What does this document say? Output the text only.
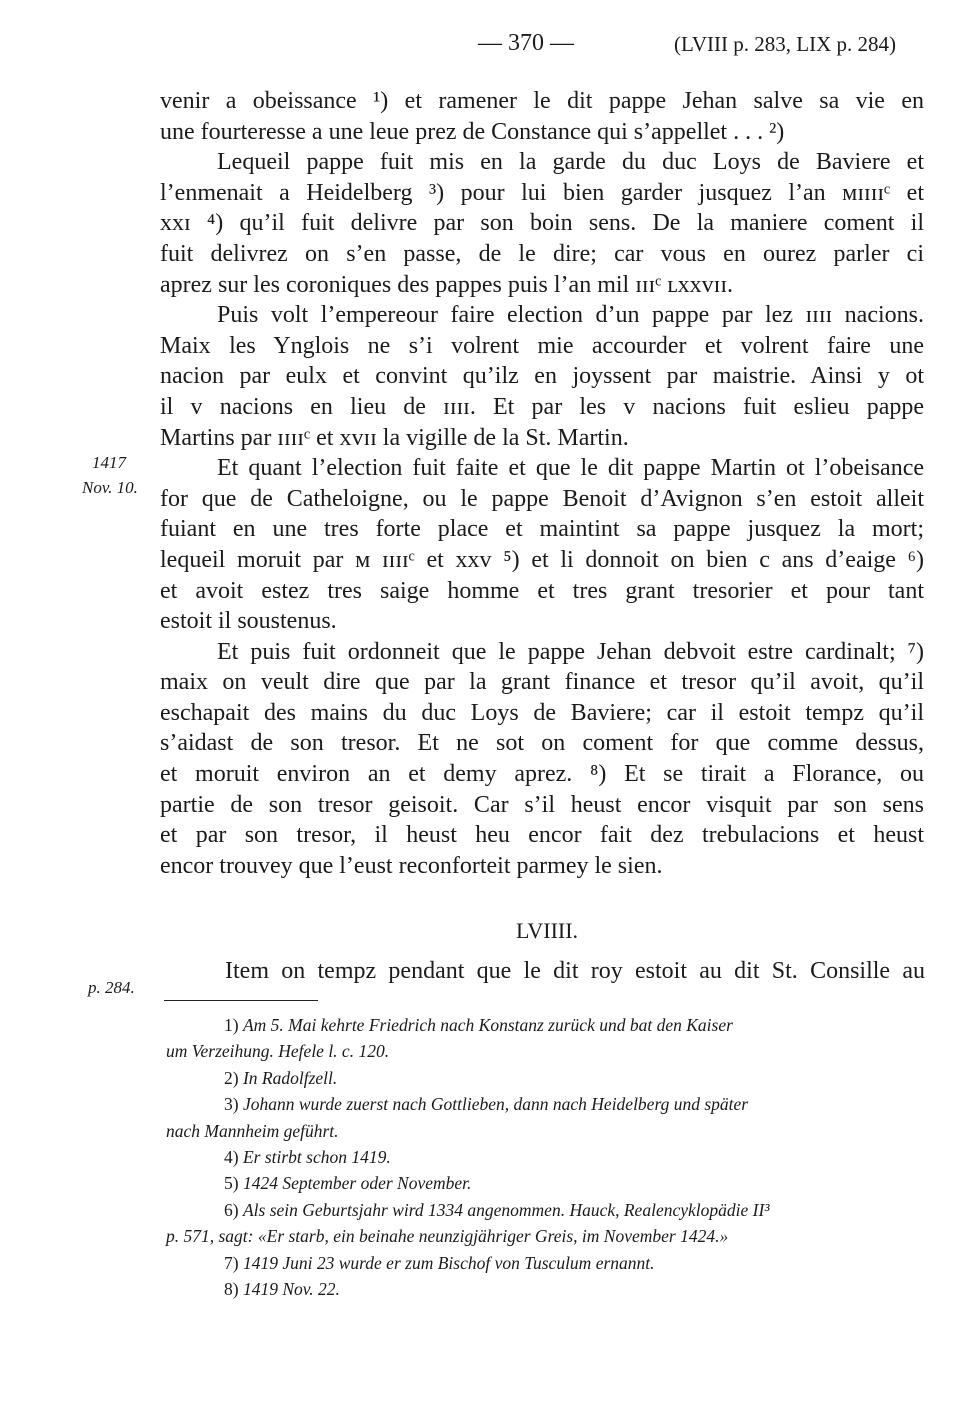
— 370 —	(LVIII p. 283, LIX p. 284)
venir a obeissance ¹) et ramener le dit pappe Jehan salve sa vie en
une fourteresse a une leue prez de Constance qui s’appellet . . . ²)
Lequeil pappe fuit mis en la garde du duc Loys de Baviere et
l’enmenait a Heidelberg ³) pour lui bien garder jusquez l’an ᴍɪɪɪɪᶜ et
xxɪ ⁴) qu’il fuit delivre par son boin sens. De la maniere coment il
fuit delivrez on s’en passe, de le dire; car vous en ourez parler ci
aprez sur les coroniques des pappes puis l’an mil ɪɪɪᶜ ʟxxᴠɪɪ.
Puis volt l’empereour faire election d’un pappe par lez ɪɪɪɪ nacions.
Maix les Ynglois ne s’i volrent mie accourder et volrent faire une
nacion par eulx et convint qu’ilz en joyssent par maistrie. Ainsi y ot
il v nacions en lieu de ɪɪɪɪ. Et par les v nacions fuit eslieu pappe
Martins par ɪɪɪɪᶜ et xᴠɪɪ la vigille de la St. Martin.
Et quant l’election fuit faite et que le dit pappe Martin ot l’obeisance
for que de Catheloigne, ou le pappe Benoit d’Avignon s’en estoit alleit
fuiant en une tres forte place et maintint sa pappe jusquez la mort;
lequeil moruit par ᴍ ɪɪɪɪᶜ et xxᴠ ⁵) et li donnoit on bien c ans d’eaige ⁶)
et avoit estez tres saige homme et tres grant tresorier et pour tant
estoit il soustenus.
Et puis fuit ordonneit que le pappe Jehan debvoit estre cardinalt; ⁷)
maix on veult dire que par la grant finance et tresor qu’il avoit, qu’il
eschapait des mains du duc Loys de Baviere; car il estoit tempz qu’il
s’aidast de son tresor. Et ne sot on coment for que comme dessus,
et moruit environ an et demy aprez. ⁸) Et se tirait a Florance, ou
partie de son tresor geisoit. Car s’il heust encor visquit par son sens
et par son tresor, il heust heu encor fait dez trebulacions et heust
encor trouvey que l’eust reconforteit parmey le sien.
1417
Nov. 10.
p. 284.
LVIIII.
Item on tempz pendant que le dit roy estoit au dit St. Consille au
1) Am 5. Mai kehrte Friedrich nach Konstanz zurück und bat den Kaiser
um Verzeihung. Hefele l. c. 120.
2) In Radolfzell.
3) Johann wurde zuerst nach Gottlieben, dann nach Heidelberg und später
nach Mannheim geführt.
4) Er stirbt schon 1419.
5) 1424 September oder November.
6) Als sein Geburtsjahr wird 1334 angenommen. Hauck, Realencyklopädie II³
p. 571, sagt: «Er starb, ein beinahe neunzigjähriger Greis, im November 1424.»
7) 1419 Juni 23 wurde er zum Bischof von Tusculum ernannt.
8) 1419 Nov. 22.
